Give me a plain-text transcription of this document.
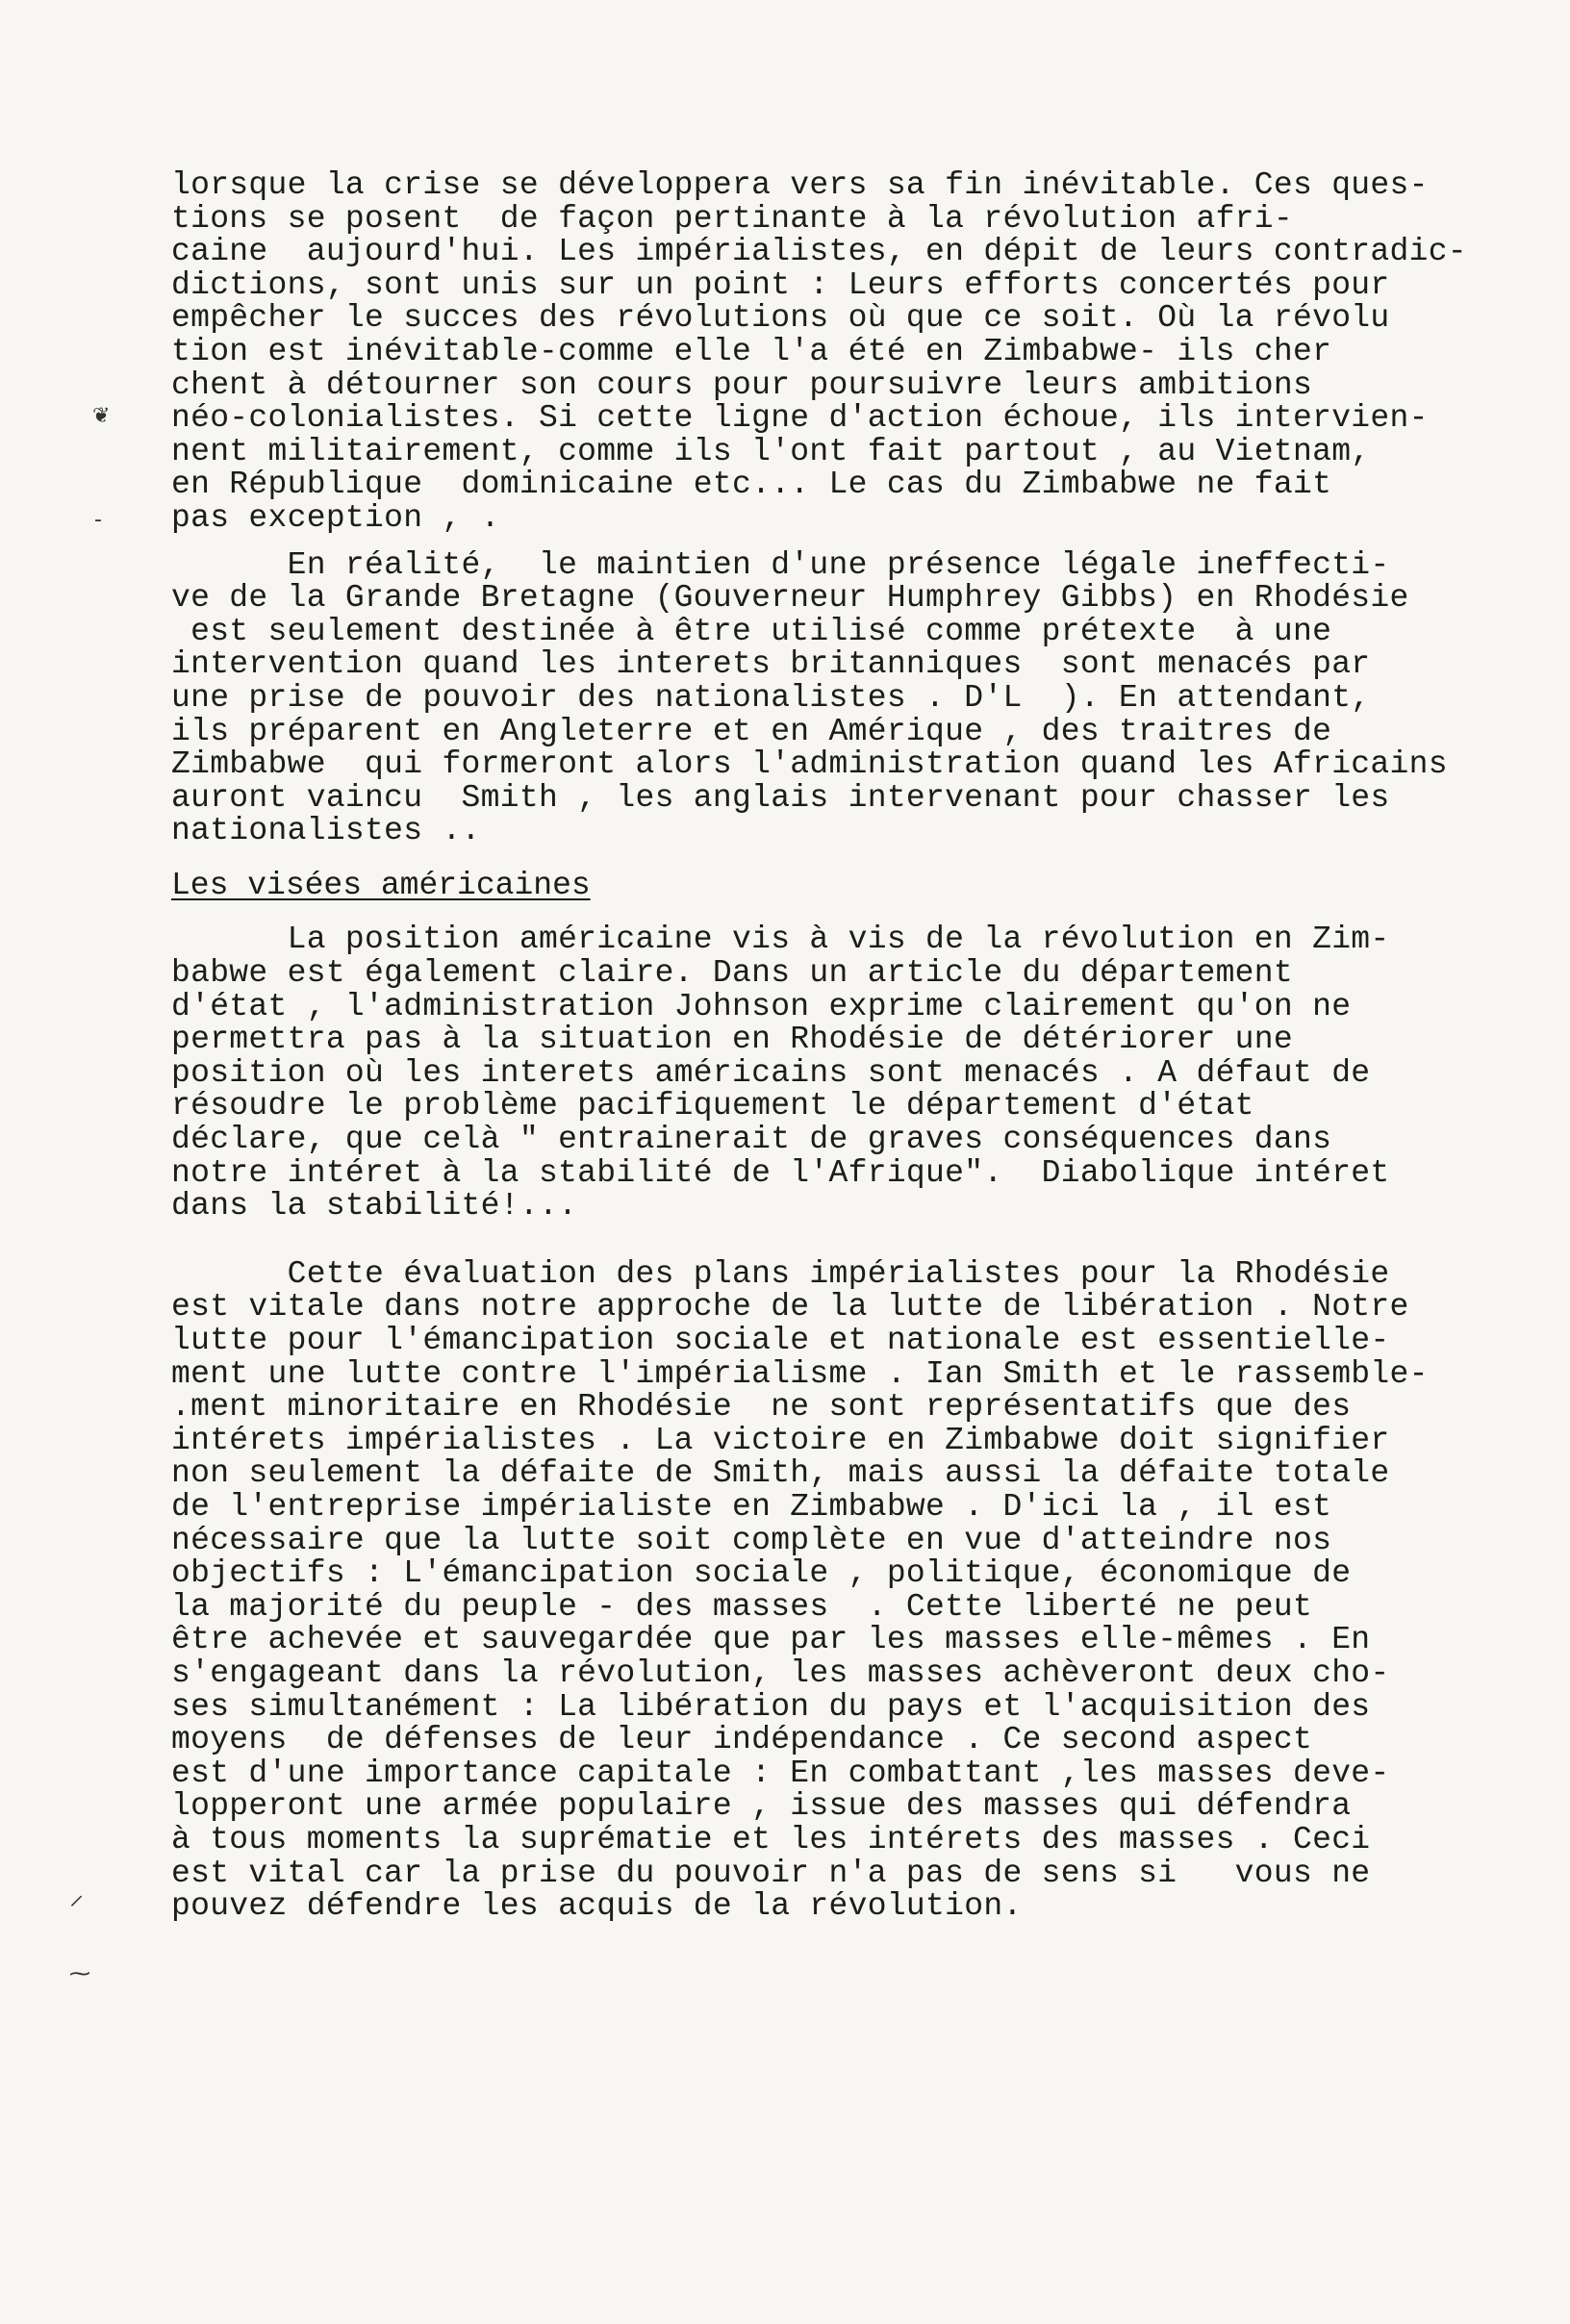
❦
-
⸍
⁓
lorsque la crise se développera vers sa fin inévitable. Ces ques-
tions se posent  de façon pertinante à la révolution afri-
caine  aujourd'hui. Les impérialistes, en dépit de leurs contradic-
dictions, sont unis sur un point : Leurs efforts concertés pour
empêcher le succes des révolutions où que ce soit. Où la révolu
tion est inévitable-comme elle l'a été en Zimbabwe- ils cher
chent à détourner son cours pour poursuivre leurs ambitions
néo-colonialistes. Si cette ligne d'action échoue, ils intervien-
nent militairement, comme ils l'ont fait partout , au Vietnam,
en République  dominicaine etc... Le cas du Zimbabwe ne fait
pas exception , .
En réalité,  le maintien d'une présence légale ineffecti-
ve de la Grande Bretagne (Gouverneur Humphrey Gibbs) en Rhodésie
est seulement destinée à être utilisé comme prétexte  à une
intervention quand les interets britanniques  sont menacés par
une prise de pouvoir des nationalistes . D'L  ). En attendant,
ils préparent en Angleterre et en Amérique , des traitres de
Zimbabwe  qui formeront alors l'administration quand les Africains
auront vaincu  Smith , les anglais intervenant pour chasser les
nationalistes ..
Les visées américaines
La position américaine vis à vis de la révolution en Zim-
babwe est également claire. Dans un article du département
d'état , l'administration Johnson exprime clairement qu'on ne
permettra pas à la situation en Rhodésie de détériorer une
position où les interets américains sont menacés . A défaut de
résoudre le problème pacifiquement le département d'état
déclare, que celà " entrainerait de graves conséquences dans
notre intéret à la stabilité de l'Afrique".  Diabolique intéret
dans la stabilité!...
Cette évaluation des plans impérialistes pour la Rhodésie
est vitale dans notre approche de la lutte de libération . Notre
lutte pour l'émancipation sociale et nationale est essentielle-
ment une lutte contre l'impérialisme . Ian Smith et le rassemble-
.ment minoritaire en Rhodésie  ne sont représentatifs que des
intérets impérialistes . La victoire en Zimbabwe doit signifier
non seulement la défaite de Smith, mais aussi la défaite totale
de l'entreprise impérialiste en Zimbabwe . D'ici la , il est
nécessaire que la lutte soit complète en vue d'atteindre nos
objectifs : L'émancipation sociale , politique, économique de
la majorité du peuple - des masses  . Cette liberté ne peut
être achevée et sauvegardée que par les masses elle-mêmes . En
s'engageant dans la révolution, les masses achèveront deux cho-
ses simultanément : La libération du pays et l'acquisition des
moyens  de défenses de leur indépendance . Ce second aspect
est d'une importance capitale : En combattant ,les masses deve-
lopperont une armée populaire , issue des masses qui défendra
à tous moments la suprématie et les intérets des masses . Ceci
est vital car la prise du pouvoir n'a pas de sens si   vous ne
pouvez défendre les acquis de la révolution.
